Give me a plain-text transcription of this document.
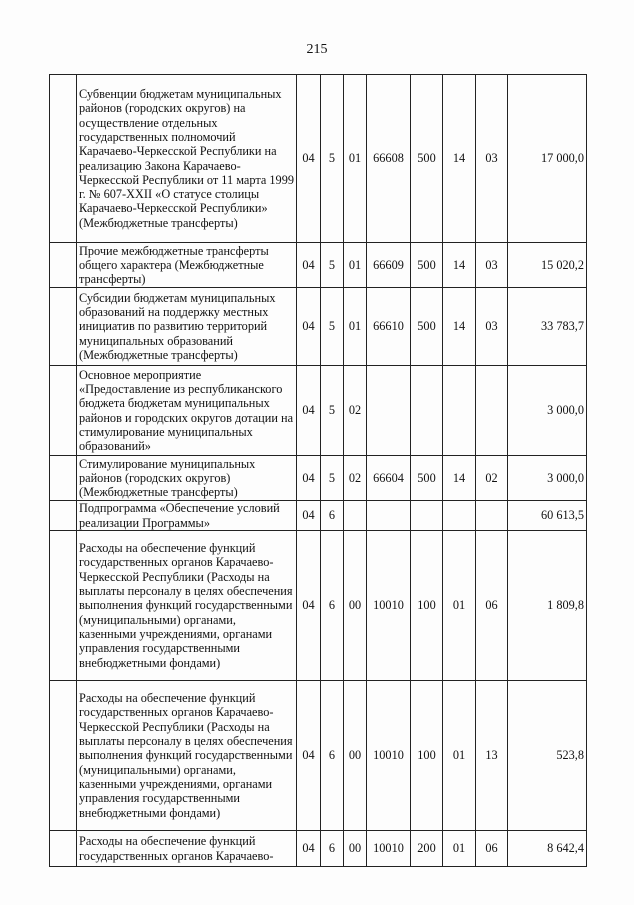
215
	Субвенции бюджетам муниципальных районов (городских округов) на осуществление отдельных государственных полномочий Карачаево-Черкесской Республики на реализацию Закона Карачаево-Черкесской Республики от 11 марта 1999 г. № 607-XXII «О статусе столицы Карачаево-Черкесской Республики» (Межбюджетные трансферты)	04	5	01	66608	500	14	03	17 000,0
	Прочие межбюджетные трансферты общего характера (Межбюджетные трансферты)	04	5	01	66609	500	14	03	15 020,2
	Субсидии бюджетам муниципальных образований на поддержку местных инициатив по развитию территорий муниципальных образований (Межбюджетные трансферты)	04	5	01	66610	500	14	03	33 783,7
	Основное мероприятие «Предоставление из республиканского бюджета бюджетам муниципальных районов и городских округов дотации на стимулирование муниципальных образований»	04	5	02					3 000,0
	Стимулирование муниципальных районов (городских округов) (Межбюджетные трансферты)	04	5	02	66604	500	14	02	3 000,0
	Подпрограмма «Обеспечение условий реализации Программы»	04	6						60 613,5
	Расходы на обеспечение функций государственных органов Карачаево-Черкесской Республики (Расходы на выплаты персоналу в целях обеспечения выполнения функций государственными (муниципальными) органами, казенными учреждениями, органами управления государственными внебюджетными фондами)	04	6	00	10010	100	01	06	1 809,8
	Расходы на обеспечение функций государственных органов Карачаево-Черкесской Республики (Расходы на выплаты персоналу в целях обеспечения выполнения функций государственными (муниципальными) органами, казенными учреждениями, органами управления государственными внебюджетными фондами)	04	6	00	10010	100	01	13	523,8
	Расходы на обеспечение функций государственных органов Карачаево-	04	6	00	10010	200	01	06	8 642,4
